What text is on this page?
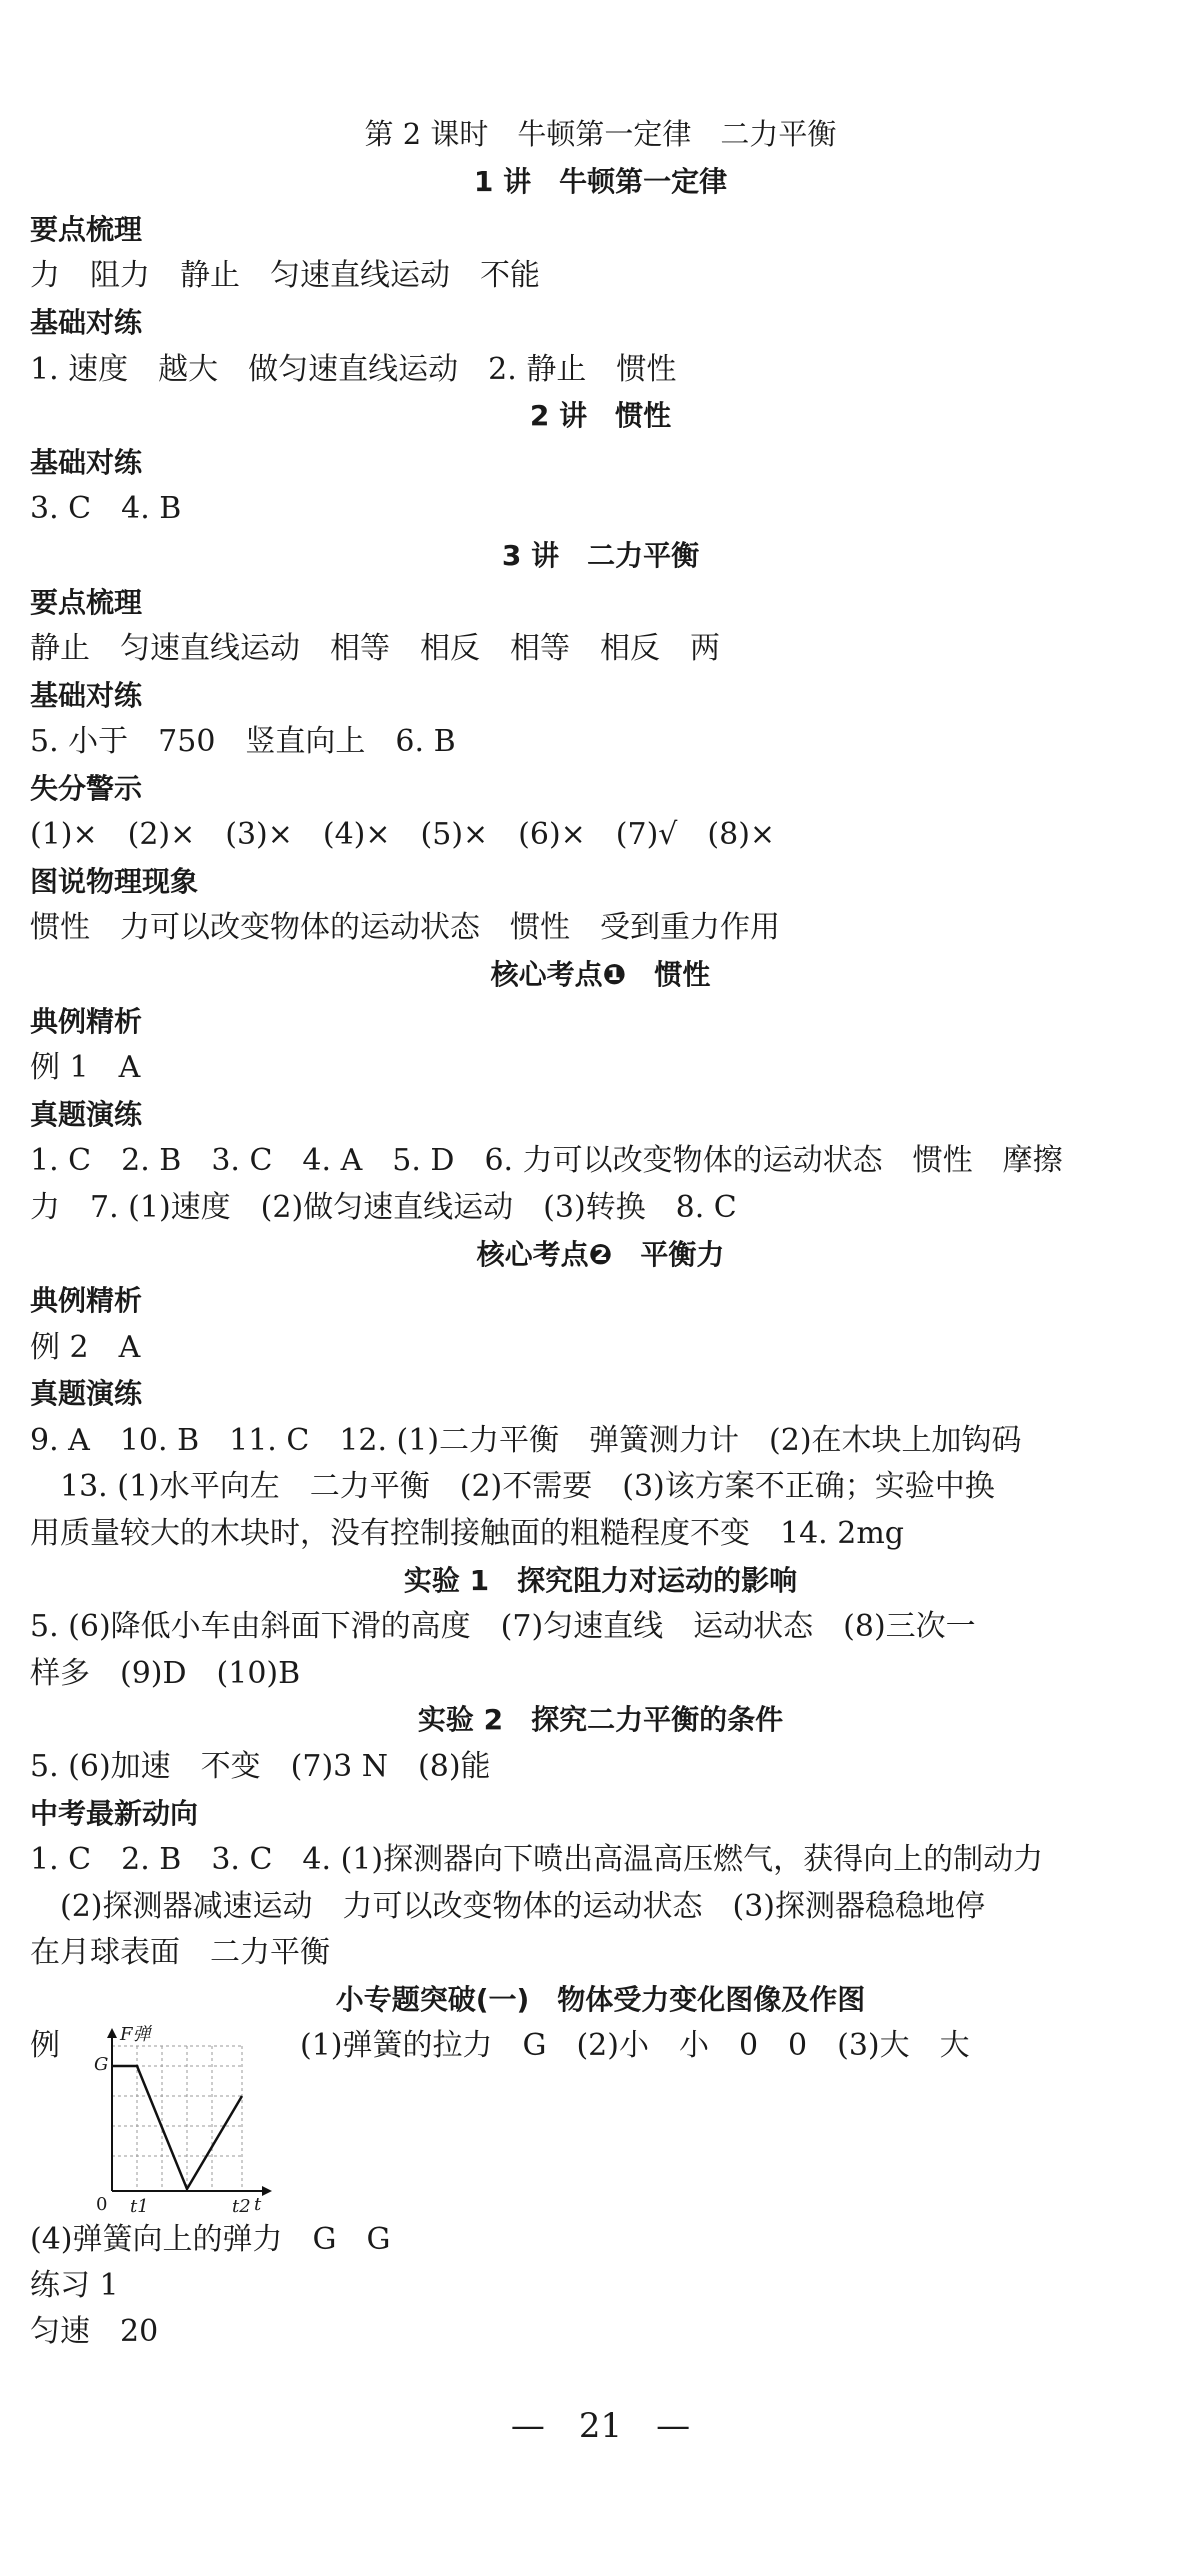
第 2 课时　牛顿第一定律　二力平衡
1 讲　牛顿第一定律
要点梳理
力　阻力　静止　匀速直线运动　不能
基础对练
1. 速度　越大　做匀速直线运动　2. 静止　惯性
2 讲　惯性
基础对练
3. C　4. B
3 讲　二力平衡
要点梳理
静止　匀速直线运动　相等　相反　相等　相反　两
基础对练
5. 小于　750　竖直向上　6. B
失分警示
(1)×　(2)×　(3)×　(4)×　(5)×　(6)×　(7)√　(8)×
图说物理现象
惯性　力可以改变物体的运动状态　惯性　受到重力作用
核心考点❶　惯性
典例精析
例 1　A
真题演练
1. C　2. B　3. C　4. A　5. D　6. 力可以改变物体的运动状态　惯性　摩擦
力　7. (1)速度　(2)做匀速直线运动　(3)转换　8. C
核心考点❷　平衡力
典例精析
例 2　A
真题演练
9. A　10. B　11. C　12. (1)二力平衡　弹簧测力计　(2)在木块上加钩码
　13. (1)水平向左　二力平衡　(2)不需要　(3)该方案不正确；实验中换
用质量较大的木块时，没有控制接触面的粗糙程度不变　14. 2mg
实验 1　探究阻力对运动的影响
5. (6)降低小车由斜面下滑的高度　(7)匀速直线　运动状态　(8)三次一
样多　(9)D　(10)B
实验 2　探究二力平衡的条件
5. (6)加速　不变　(7)3 N　(8)能
中考最新动向
1. C　2. B　3. C　4. (1)探测器向下喷出高温高压燃气，获得向上的制动力
　(2)探测器减速运动　力可以改变物体的运动状态　(3)探测器稳稳地停
在月球表面　二力平衡
小专题突破(一)　物体受力变化图像及作图
例	(1)弹簧的拉力　G　(2)小　小　0　0　(3)大　大
F弹
G
0 t1	t2 t
(4)弹簧向上的弹力　G　G
练习 1
匀速　20
—　21　—
